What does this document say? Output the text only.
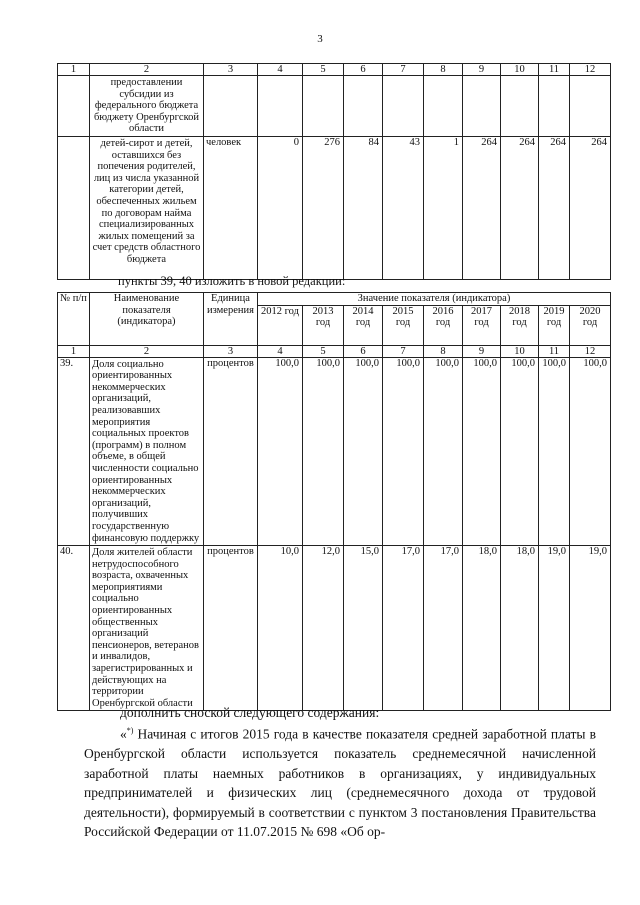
3
1	2	3	4	5	6	7	8	9	10	11	12
	предоставлении субсидии из федерального бюджета бюджету Оренбургской области										
	детей-сирот и детей, оставшихся без попечения родителей, лиц из числа указанной категории детей, обеспеченных жильем по договорам найма специализированных жилых помещений за счет средств областного бюджета	человек	0	276	84	43	1	264	264	264	264
пункты 39, 40 изложить в новой редакции:
№ п/п	Наименование показателя (индикатора)	Единица измерения	Значение показателя (индикатора)								
			2012 год	2013 год	2014 год	2015 год	2016 год	2017 год	2018 год	2019 год	2020 год
1	2	3	4	5	6	7	8	9	10	11	12
39.	Доля социально ориентированных некоммерческих организаций, реализовавших мероприятия социальных проектов (программ) в полном объеме, в общей численности социально ориентированных некоммерческих организаций, получивших государственную финансовую поддержку	процентов	100,0	100,0	100,0	100,0	100,0	100,0	100,0	100,0	100,0
40.	Доля жителей области нетрудоспособного возраста, охваченных мероприятиями социально ориентированных общественных организаций пенсионеров, ветеранов и инвалидов, зарегистрированных и действующих на территории Оренбургской области	процентов	10,0	12,0	15,0	17,0	17,0	18,0	18,0	19,0	19,0
дополнить сноской следующего содержания:
«*) Начиная с итогов 2015 года в качестве показателя средней заработной платы в Оренбургской области используется показатель среднемесячной начисленной заработной платы наемных работников в организациях, у индивидуальных предпринимателей и физических лиц (среднемесячного дохода от трудовой деятельности), формируемый в соответствии с пунктом 3 постановления Правительства Российской Федерации от 11.07.2015 № 698 «Об ор-
